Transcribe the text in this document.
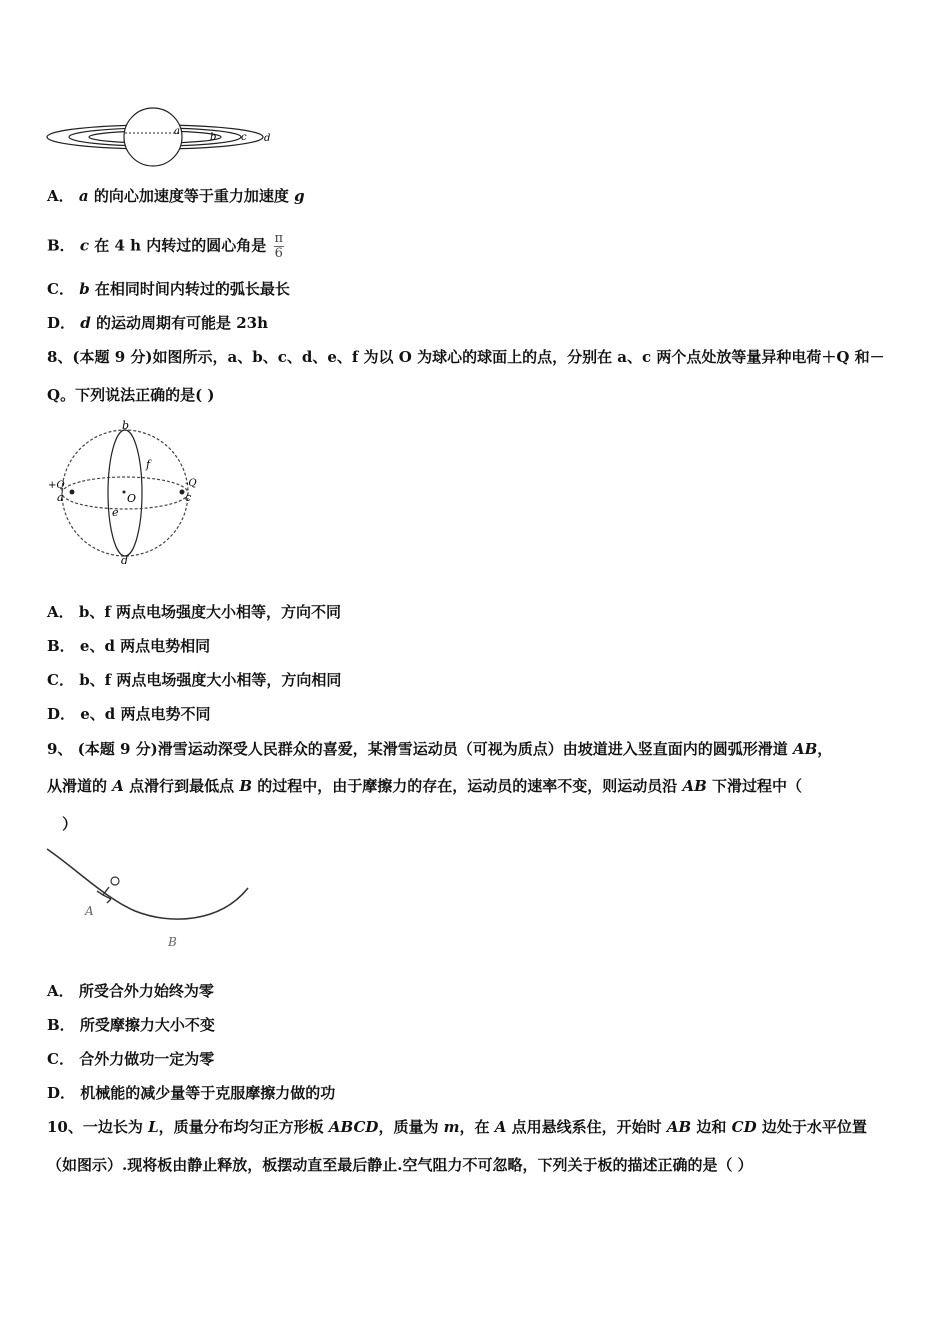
a
b c d
A． a 的向心加速度等于重力加速度 g
B． c 在 4 h 内转过的圆心角是 $\frac{\pi}{6}$
C． b 在相同时间内转过的弧长最长
D． d 的运动周期有可能是 23h
8、(本题 9 分)如图所示，a、b、c、d、e、f 为以 O 为球心的球面上的点，分别在 a、c 两个点处放等量异种电荷＋Q 和－
Q。下列说法正确的是( )
b
d
a	c
e
f
O
+Q	-Q
A． b、f 两点电场强度大小相等，方向不同
B． e、d 两点电势相同
C． b、f 两点电场强度大小相等，方向相同
D． e、d 两点电势不同
9、 (本题 9 分)滑雪运动深受人民群众的喜爱，某滑雪运动员（可视为质点）由坡道进入竖直面内的圆弧形滑道 AB，
从滑道的 A 点滑行到最低点 B 的过程中，由于摩擦力的存在，运动员的速率不变，则运动员沿 AB 下滑过程中（
）
A
B
A． 所受合外力始终为零
B． 所受摩擦力大小不变
C． 合外力做功一定为零
D． 机械能的减少量等于克服摩擦力做的功
10、一边长为 L，质量分布均匀正方形板 ABCD，质量为 m，在 A 点用悬线系住，开始时 AB 边和 CD 边处于水平位置
（如图示）.现将板由静止释放，板摆动直至最后静止.空气阻力不可忽略，下列关于板的描述正确的是（ ）
